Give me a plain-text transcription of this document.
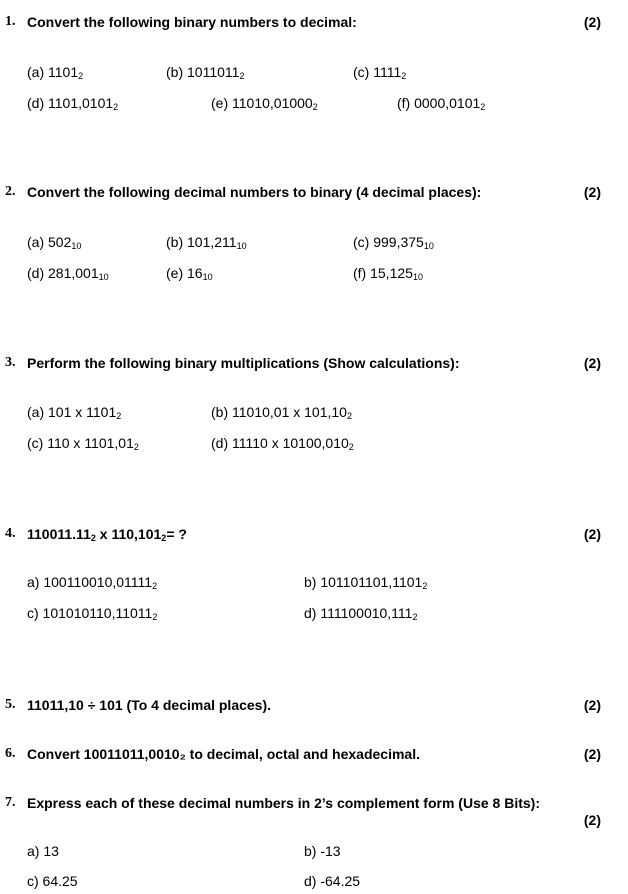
1. Convert the following binary numbers to decimal:	(2)
(a) $1101_2$	(b) $1011011_2$	(c) $1111_2$
(d) $1101,0101_2$	(e) $11010,01000_2$	(f) $0000,0101_2$
2. Convert the following decimal numbers to binary (4 decimal places):	(2)
(a) $502_{10}$	(b) $101,211_{10}$	(c) $999,375_{10}$
(d) $281,001_{10}$	(e) $16_{10}$	(f) $15,125_{10}$
3. Perform the following binary multiplications (Show calculations):	(2)
(a) 101 x $1101_2$	(b) 11010,01 x $101,10_2$
(c) 110 x $1101,01_2$	(d) 11110 x $10100,010_2$
4. $110011.11_2$ x $110,101_2=$ ?	(2)
a) $100110010,01111_2$	b) $101101101,1101_2$
c) $101010110,11011_2$	d) $111100010,111_2$
5. 11011,10 ÷ 101 (To 4 decimal places).	(2)
6. Convert 10011011,0010₂ to decimal, octal and hexadecimal.	(2)
7. Express each of these decimal numbers in 2’s complement form (Use 8 Bits):
(2)
a) 13	b) -13
c) 64.25	d) -64.25
